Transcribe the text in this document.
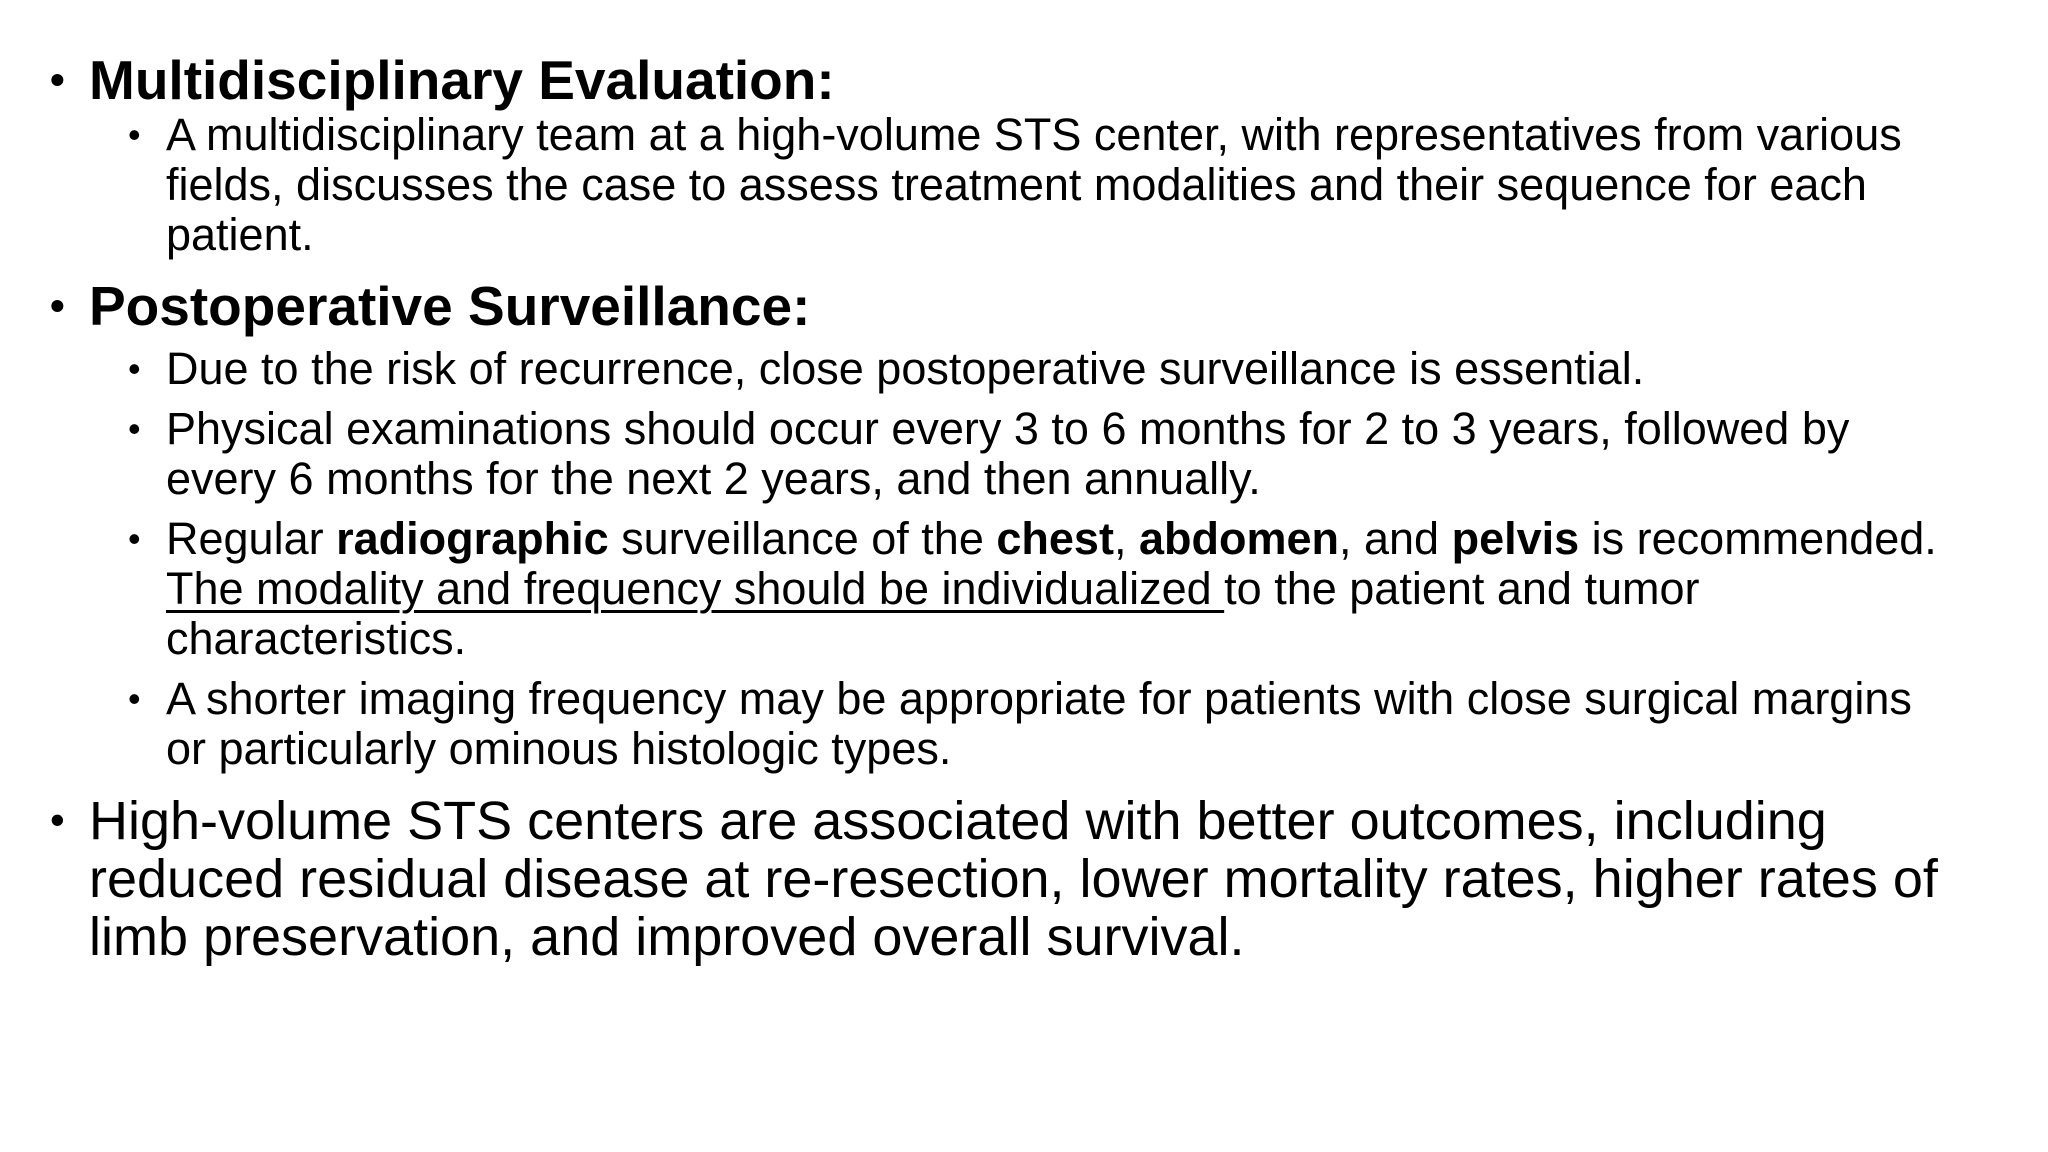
• Multidisciplinary Evaluation:
• A multidisciplinary team at a high-volume STS center, with representatives from various fields, discusses the case to assess treatment modalities and their sequence for each patient.
• Postoperative Surveillance:
• Due to the risk of recurrence, close postoperative surveillance is essential.
• Physical examinations should occur every 3 to 6 months for 2 to 3 years, followed by every 6 months for the next 2 years, and then annually.
• Regular radiographic surveillance of the chest, abdomen, and pelvis is recommended. The modality and frequency should be individualized to the patient and tumor characteristics.
• A shorter imaging frequency may be appropriate for patients with close surgical margins or particularly ominous histologic types.
• High-volume STS centers are associated with better outcomes, including reduced residual disease at re-resection, lower mortality rates, higher rates of limb preservation, and improved overall survival.
